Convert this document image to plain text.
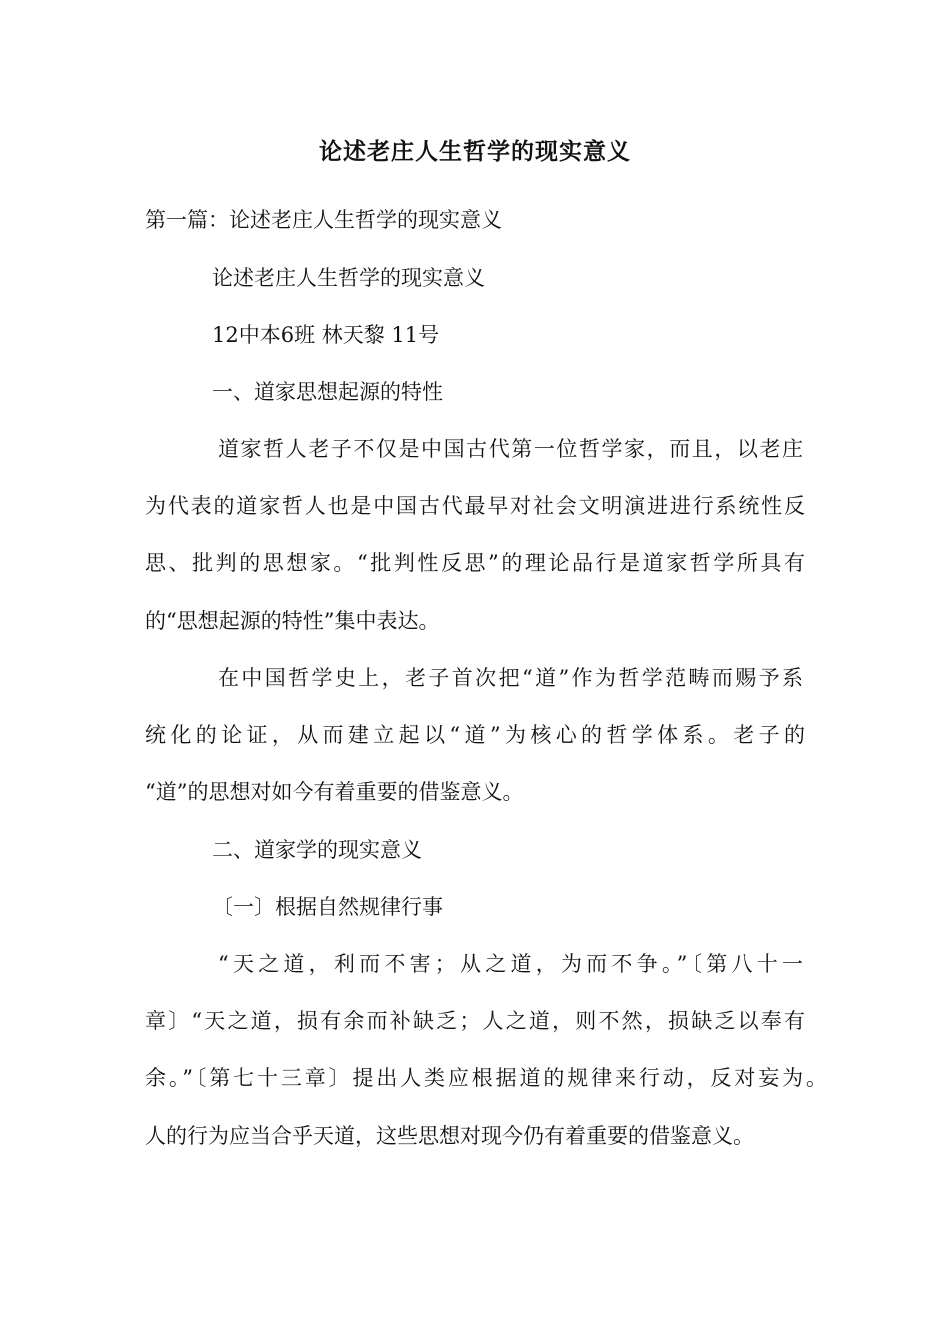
论述老庄人生哲学的现实意义
第一篇：论述老庄人生哲学的现实意义
论述老庄人生哲学的现实意义
12中本6班 林天黎 11号
一、道家思想起源的特性
道家哲人老子不仅是中国古代第一位哲学家，而且，以老庄
为代表的道家哲人也是中国古代最早对社会文明演进进行系统性反
思、批判的思想家。“批判性反思”的理论品行是道家哲学所具有
的“思想起源的特性”集中表达。
在中国哲学史上，老子首次把“道”作为哲学范畴而赐予系
统化的论证，从而建立起以“道”为核心的哲学体系。老子的
“道”的思想对如今有着重要的借鉴意义。
二、道家学的现实意义
〔一〕根据自然规律行事
“天之道，利而不害；从之道，为而不争。”〔第八十一
章〕“天之道，损有余而补缺乏；人之道，则不然，损缺乏以奉有
余。”〔第七十三章〕提出人类应根据道的规律来行动，反对妄为。
人的行为应当合乎天道，这些思想对现今仍有着重要的借鉴意义。
